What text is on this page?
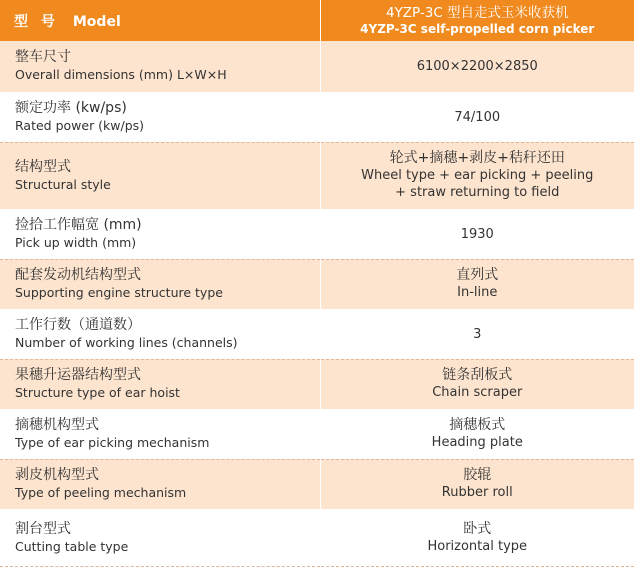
型 号 Model	4YZP-3C 型自走式玉米收获机
4YZP-3C self-propelled corn picker

整车尺寸
Overall dimensions (mm) L×W×H	6100×2200×2850

额定功率 (kw/ps)
Rated power (kw/ps)	74/100

结构型式
Structural style	轮式+摘穗+剥皮+秸秆还田
Wheel type + ear picking + peeling
+ straw returning to field

捡拾工作幅宽 (mm)
Pick up width (mm)	1930

配套发动机结构型式
Supporting engine structure type	直列式
In-line

工作行数（通道数）
Number of working lines (channels)	3

果穗升运器结构型式
Structure type of ear hoist	链条刮板式
Chain scraper

摘穗机构型式
Type of ear picking mechanism	摘穗板式
Heading plate

剥皮机构型式
Type of peeling mechanism	胶辊
Rubber roll

割台型式
Cutting table type	卧式
Horizontal type
